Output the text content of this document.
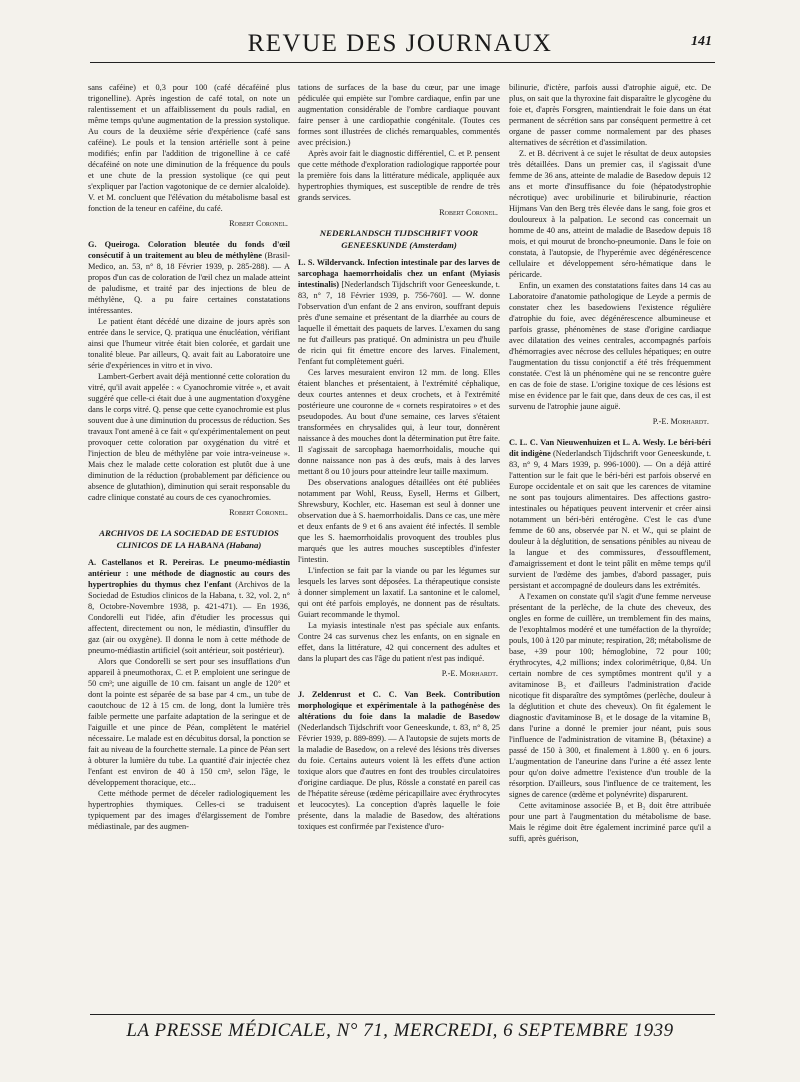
REVUE DES JOURNAUX	141

sans caféine) et 0,3 pour 100 (café décaféiné plus trigonelline). Après ingestion de café total, on note un ralentissement et un affaiblissement du pouls radial, en même temps qu'une augmentation de la pression systolique. Au cours de la deuxième série d'expérience (café sans caféine). Le pouls et la tension artérielle sont à peine modifiés; enfin par l'addition de trigonelline à ce café décaféiné on note une diminution de la fréquence du pouls et une chute de la pression systolique (ce qui peut s'expliquer par l'action vagotonique de ce dernier alcaloïde). V. et M. concluent que l'élévation du métabolisme basal est fonction de la teneur en caféine, du café.

Robert Coronel.

G. Queiroga. Coloration bleutée du fonds d'œil consécutif à un traitement au bleu de méthylène (Brasil-Medico, an. 53, n° 8, 18 Février 1939, p. 285-288). — A propos d'un cas de coloration de l'œil chez un malade atteint de paludisme, et traité par des injections de bleu de méthylène, Q. a pu faire certaines constatations intéressantes.

Le patient étant décédé une dizaine de jours après son entrée dans le service, Q. pratiqua une énucléation, vérifiant ainsi que l'humeur vitrée était bien colorée, et gardait une tonalité bleue. Par ailleurs, Q. avait fait au Laboratoire une série d'expériences in vitro et in vivo.

Lambert-Gerbert avait déjà mentionné cette coloration du vitré, qu'il avait appelée : « Cyanochromie vitrée », et avait suggéré que celle-ci était due à une augmentation d'oxygène dans le corps vitré. Q. pense que cette cyanochromie est plus souvent due à une diminution du processus de réduction. Ses travaux l'ont amené à ce fait « qu'expérimentalement on peut provoquer cette coloration par oxygénation du vitré et l'injection de bleu de méthylène par voie intra-veineuse ». Mais chez le malade cette coloration est plutôt due à une diminution de la réduction (probablement par déficience ou absence de glutathion), diminution qui serait responsable du cadre clinique constaté au cours de ces cyanochromies.

Robert Coronel.
ARCHIVOS DE LA SOCIEDAD DE ESTUDIOS CLINICOS DE LA HABANA (Habana)

A. Castellanos et R. Pereiras. Le pneumo-médiastin antérieur : une méthode de diagnostic au cours des hypertrophies du thymus chez l'enfant (Archivos de la Sociedad de Estudios clinicos de la Habana, t. 32, vol. 2, n° 8, Octobre-Novembre 1938, p. 421-471). — En 1936, Condorelli eut l'idée, afin d'étudier les processus qui affectent, directement ou non, le médiastin, d'insuffler du gaz (air ou oxygène). Il donna le nom à cette méthode de pneumo-médiastin artificiel (soit antérieur, soit postérieur).

Alors que Condorelli se sert pour ses insufflations d'un appareil à pneumothorax, C. et P. emploient une seringue de 50 cm³; une aiguille de 10 cm. faisant un angle de 120° et dont la pointe est séparée de sa base par 4 cm., un tube de caoutchouc de 12 à 15 cm. de long, dont la lumière très faible permette une parfaite adaptation de la seringue et de l'aiguille et une pince de Péan, complètent le matériel nécessaire. Le malade est en décubitus dorsal, la ponction se fait au niveau de la fourchette sternale. La pince de Péan sert à obturer la lumière du tube. La quantité d'air injectée chez l'enfant est environ de 40 à 150 cm³, selon l'âge, le développement thoracique, etc...

Cette méthode permet de déceler radiologiquement les hypertrophies thymiques. Celles-ci se traduisent typiquement par des images d'élargissement de l'ombre médiastinale, par des augmen-

tations de surfaces de la base du cœur, par une image pédiculée qui empiète sur l'ombre cardiaque, enfin par une augmentation considérable de l'ombre cardiaque pouvant faire penser à une cardiopathie congénitale. (Toutes ces formes sont illustrées de clichés remarquables, commentés avec précision.)

Après avoir fait le diagnostic différentiel, C. et P. pensent que cette méthode d'exploration radiologique rapportée pour la première fois dans la littérature médicale, appliquée aux hypertrophies thymiques, est susceptible de rendre de très grands services.

Robert Coronel.
NEDERLANDSCH TIJDSCHRIFT VOOR GENEESKUNDE (Amsterdam)

L. S. Wildervanck. Infection intestinale par des larves de sarcophaga haemorrhoidalis chez un enfant (Myiasis intestinalis) [Nederlandsch Tijdschrift voor Geneeskunde, t. 83, n° 7, 18 Février 1939, p. 756-760]. — W. donne l'observation d'un enfant de 2 ans environ, souffrant depuis près d'une semaine et présentant de la diarrhée au cours de laquelle il émettait des paquets de larves. L'examen du sang ne fut d'ailleurs pas pratiqué. On administra un peu d'huile de ricin qui fit émettre encore des larves. Finalement, l'enfant fut complètement guéri.

Ces larves mesuraient environ 12 mm. de long. Elles étaient blanches et présentaient, à l'extrémité céphalique, deux courtes antennes et deux crochets, et à l'extrémité postérieure une couronne de « cornets respiratoires » et des pseudopodes. Au bout d'une semaine, ces larves s'étaient transformées en chrysalides qui, à leur tour, donnèrent naissance à des mouches dont la détermination put être faite. Il s'agissait de sarcophaga haemorrhoidalis, mouche qui donne naissance non pas à des œufs, mais à des larves mettant 8 ou 10 jours pour atteindre leur taille maximum.

Des observations analogues détaillées ont été publiées notamment par Wohl, Reuss, Eysell, Herms et Gilbert, Shrewsbury, Kochler, etc. Haseman est seul à donner une observation due à S. haemorrhoidalis. Dans ce cas, une mère et deux enfants de 9 et 6 ans avaient été infectés. Il semble que les S. haemorrhoidalis provoquent des troubles plus marqués que les autres mouches susceptibles d'infester l'intestin.

L'infection se fait par la viande ou par les légumes sur lesquels les larves sont déposées. La thérapeutique consiste à donner simplement un laxatif. La santonine et le calomel, qui ont été parfois employés, ne donnent pas de résultats. Guiart recommande le thymol.

La myiasis intestinale n'est pas spéciale aux enfants. Contre 24 cas survenus chez les enfants, on en signale en effet, dans la littérature, 42 qui concernent des adultes et dans la plupart des cas l'âge du patient n'est pas indiqué.

P.-E. Morhardt.

J. Zeldenrust et C. C. Van Beek. Contribution morphologique et expérimentale à la pathogénèse des altérations du foie dans la maladie de Basedow (Nederlandsch Tijdschrift voor Geneeskunde, t. 83, n° 8, 25 Février 1939, p. 889-899). — A l'autopsie de sujets morts de la maladie de Basedow, on a relevé des lésions très diverses du foie. Certains auteurs voient là les effets d'une action toxique alors que d'autres en font des troubles circulatoires d'origine cardiaque. De plus, Rössle a constaté en pareil cas de l'hépatite séreuse (œdème péricapillaire avec érythrocytes et leucocytes). La conception d'après laquelle le foie présente, dans la maladie de Basedow, des altérations toxiques est confirmée par l'existence d'uro-

bilinurie, d'ictère, parfois aussi d'atrophie aiguë, etc. De plus, on sait que la thyroxine fait disparaître le glycogène du foie et, d'après Forsgren, maintiendrait le foie dans un état permanent de sécrétion sans par conséquent permettre à cet organe de passer comme normalement par des phases alternatives de sécrétion et d'assimilation.

Z. et B. décrivent à ce sujet le résultat de deux autopsies très détaillées. Dans un premier cas, il s'agissait d'une femme de 36 ans, atteinte de maladie de Basedow depuis 12 ans et morte d'insuffisance du foie (hépatodystrophie nécrotique) avec urobilinurie et bilirubinurie, réaction Hijmans Van den Berg très élevée dans le sang, foie gros et douloureux à la palpation. Le second cas concernait un homme de 40 ans, atteint de maladie de Basedow depuis 18 mois, et qui mourut de broncho-pneumonie. Dans le foie on constata, à l'autopsie, de l'hyperémie avec dégénérescence cellulaire et développement séro-hématique dans le péricarde.

Enfin, un examen des constatations faites dans 14 cas au Laboratoire d'anatomie pathologique de Leyde a permis de constater chez les basedowiens l'existence régulière d'atrophie du foie, avec dégénérescence albumineuse et parfois grasse, phénomènes de stase d'origine cardiaque avec dilatation des veines centrales, accompagnés parfois d'hémorragies avec nécrose des cellules hépatiques; en outre l'augmentation du tissu conjonctif a été très fréquemment constatée. C'est là un phénomène qui ne se rencontre guère en cas de foie de stase. L'origine toxique de ces lésions est mise en évidence par le fait que, dans deux de ces cas, il est survenu de l'atrophie jaune aiguë.

P.-E. Morhardt.

C. L. C. Van Nieuwenhuizen et L. A. Wesly. Le béri-béri dit indigène (Nederlandsch Tijdschrift voor Geneeskunde, t. 83, n° 9, 4 Mars 1939, p. 996-1000). — On a déjà attiré l'attention sur le fait que le béri-béri est parfois observé en Europe occidentale et on sait que les carences de vitamine ne sont pas toujours alimentaires. Des affections gastro-intestinales ou hépatiques peuvent intervenir et créer ainsi notamment un béri-béri entérogène. C'est le cas d'une femme de 60 ans, observée par N. et W., qui se plaint de douleur à la déglutition, de sensations pénibles au niveau de la langue et des commissures, d'essoufflement, d'amaigrissement et dont le teint pâlit en même temps qu'il survient de l'œdème des jambes, d'abord passager, puis persistant et accompagné de douleurs dans les extrémités.

A l'examen on constate qu'il s'agit d'une femme nerveuse présentant de la perlèche, de la chute des cheveux, des ongles en forme de cuillère, un tremblement fin des mains, de l'exophtalmos modéré et une tuméfaction de la thyroïde; pouls, 100 à 120 par minute; respiration, 28; métabolisme de base, +39 pour 100; hémoglobine, 72 pour 100; érythrocytes, 4,2 millions; index colorimétrique, 0,84. Un certain nombre de ces symptômes montrent qu'il y a avitaminose B₂ et d'ailleurs l'administration d'acide nicotique fit disparaître des symptômes (perlèche, douleur à la déglutition et chute des cheveux). On fit également le diagnostic d'avitaminose B₁ et le dosage de la vitamine B₁ dans l'urine a donné le premier jour néant, puis sous l'influence de l'administration de vitamine B₁ (bétaxine) a passé de 150 à 300, et finalement à 1.800 γ. en 6 jours. L'augmentation de l'aneurine dans l'urine a été assez lente pour qu'on doive admettre l'existence d'un trouble de la résorption. D'ailleurs, sous l'influence de ce traitement, les signes de carence (œdème et polynévrite) disparurent.

Cette avitaminose associée B₁ et B₂ doit être attribuée pour une part à l'augmentation du métabolisme de base. Mais le régime doit être également incriminé parce qu'il a suffi, après guérison,

LA PRESSE MÉDICALE, N° 71, MERCREDI, 6 SEPTEMBRE 1939
